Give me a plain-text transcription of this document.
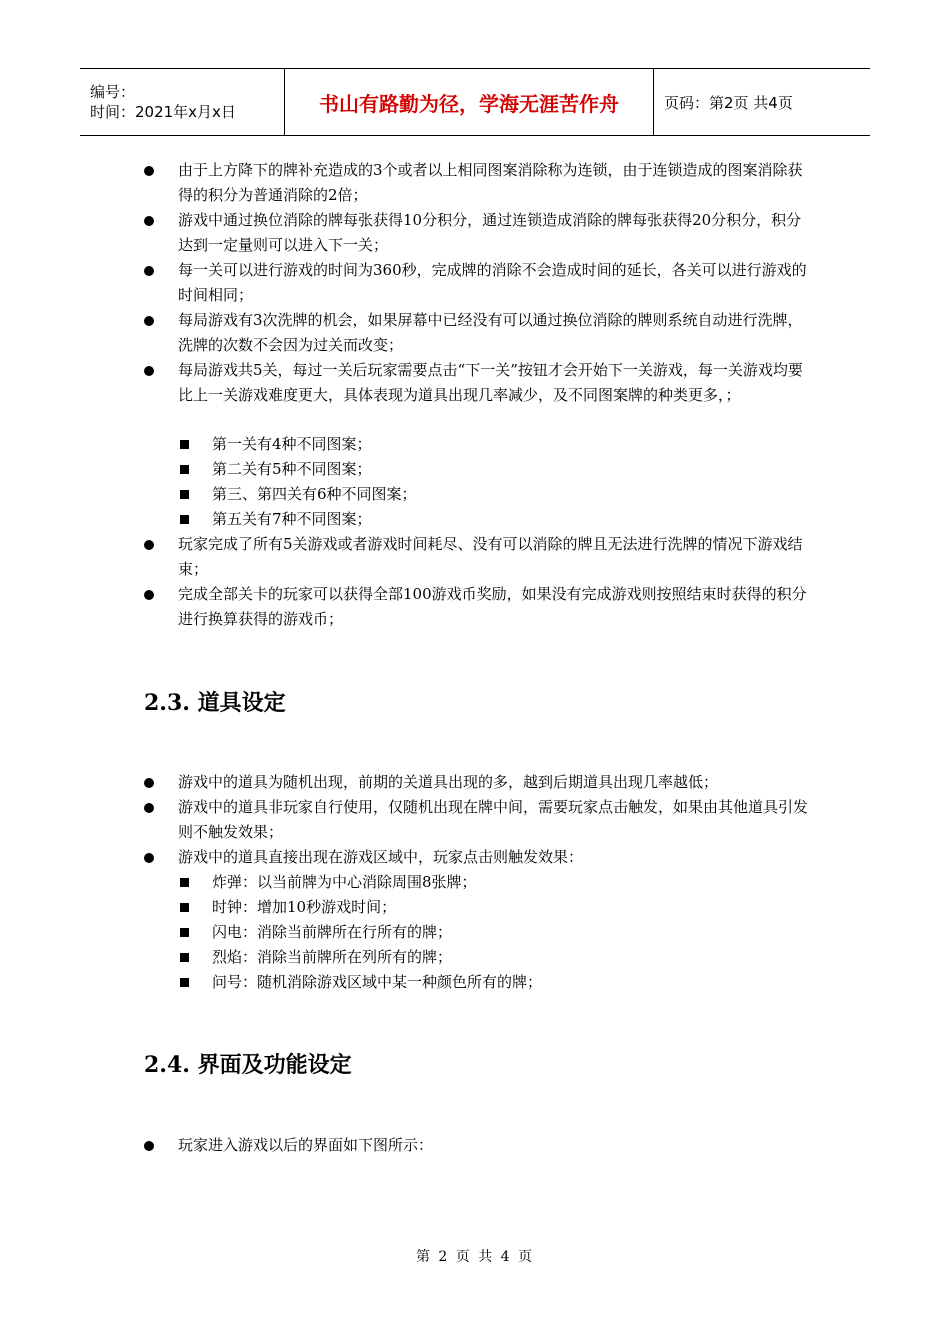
编号：
时间：2021年x月x日	书山有路勤为径，学海无涯苦作舟	页码：第2页 共4页
由于上方降下的牌补充造成的3个或者以上相同图案消除称为连锁，由于连锁造成的图案消除获得的积分为普通消除的2倍；
游戏中通过换位消除的牌每张获得10分积分，通过连锁造成消除的牌每张获得20分积分，积分达到一定量则可以进入下一关；
每一关可以进行游戏的时间为360秒，完成牌的消除不会造成时间的延长，各关可以进行游戏的时间相同；
每局游戏有3次洗牌的机会，如果屏幕中已经没有可以通过换位消除的牌则系统自动进行洗牌，洗牌的次数不会因为过关而改变；
每局游戏共5关，每过一关后玩家需要点击“下一关”按钮才会开始下一关游戏，每一关游戏均要比上一关游戏难度更大，具体表现为道具出现几率减少，及不同图案牌的种类更多，；
第一关有4种不同图案；
第二关有5种不同图案；
第三、第四关有6种不同图案；
第五关有7种不同图案；
玩家完成了所有5关游戏或者游戏时间耗尽、没有可以消除的牌且无法进行洗牌的情况下游戏结束；
完成全部关卡的玩家可以获得全部100游戏币奖励，如果没有完成游戏则按照结束时获得的积分进行换算获得的游戏币；
2.3. 道具设定
游戏中的道具为随机出现，前期的关道具出现的多，越到后期道具出现几率越低；
游戏中的道具非玩家自行使用，仅随机出现在牌中间，需要玩家点击触发，如果由其他道具引发则不触发效果；
游戏中的道具直接出现在游戏区域中，玩家点击则触发效果：
炸弹：以当前牌为中心消除周围8张牌；
时钟：增加10秒游戏时间；
闪电：消除当前牌所在行所有的牌；
烈焰：消除当前牌所在列所有的牌；
问号：随机消除游戏区域中某一种颜色所有的牌；
2.4. 界面及功能设定
玩家进入游戏以后的界面如下图所示：
第 2 页 共 4 页
